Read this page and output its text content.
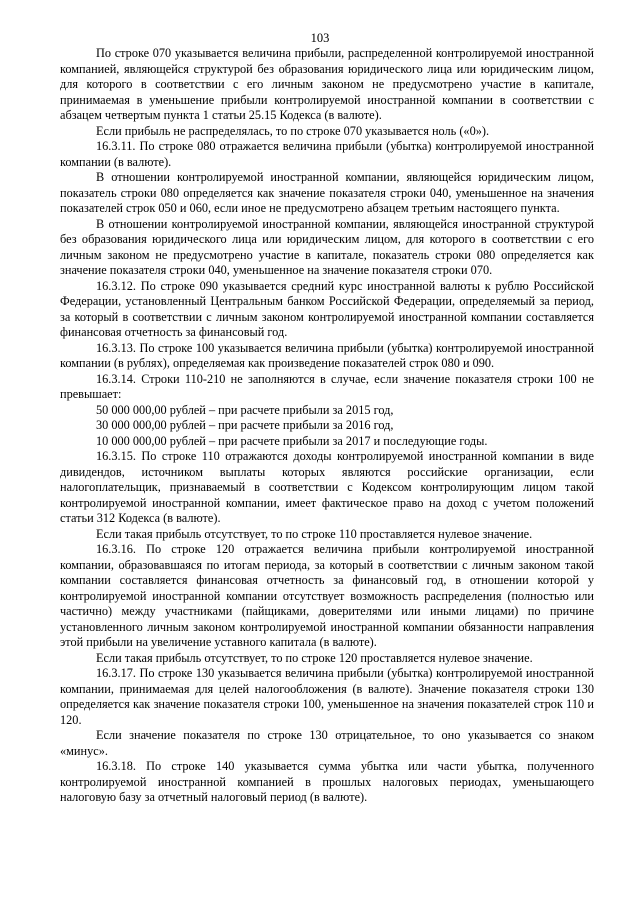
103

По строке 070 указывается величина прибыли, распределенной контролируемой иностранной компанией, являющейся структурой без образования юридического лица или юридическим лицом, для которого в соответствии с его личным законом не предусмотрено участие в капитале, принимаемая в уменьшение прибыли контролируемой иностранной компании в соответствии с абзацем четвертым пункта 1 статьи 25.15 Кодекса (в валюте).

Если прибыль не распределялась, то по строке 070 указывается ноль («0»).

16.3.11. По строке 080 отражается величина прибыли (убытка) контролируемой иностранной компании (в валюте).

В отношении контролируемой иностранной компании, являющейся юридическим лицом, показатель строки 080 определяется как значение показателя строки 040, уменьшенное на значения показателей строк 050 и 060, если иное не предусмотрено абзацем третьим настоящего пункта.

В отношении контролируемой иностранной компании, являющейся иностранной структурой без образования юридического лица или юридическим лицом, для которого в соответствии с его личным законом не предусмотрено участие в капитале, показатель строки 080 определяется как значение показателя строки 040, уменьшенное на значение показателя строки 070.

16.3.12. По строке 090 указывается средний курс иностранной валюты к рублю Российской Федерации, установленный Центральным банком Российской Федерации, определяемый за период, за который в соответствии с личным законом контролируемой иностранной компании составляется финансовая отчетность за финансовый год.

16.3.13. По строке 100 указывается величина прибыли (убытка) контролируемой иностранной компании (в рублях), определяемая как произведение показателей строк 080 и 090.

16.3.14. Строки 110-210 не заполняются в случае, если значение показателя строки 100 не превышает:

50 000 000,00 рублей – при расчете прибыли за 2015 год,

30 000 000,00 рублей – при расчете прибыли за 2016 год,

10 000 000,00 рублей – при расчете прибыли за 2017 и последующие годы.

16.3.15. По строке 110 отражаются доходы контролируемой иностранной компании в виде дивидендов, источником выплаты которых являются российские организации, если налогоплательщик, признаваемый в соответствии с Кодексом контролирующим лицом такой контролируемой иностранной компании, имеет фактическое право на доход с учетом положений статьи 312 Кодекса (в валюте).

Если такая прибыль отсутствует, то по строке 110 проставляется нулевое значение.

16.3.16. По строке 120 отражается величина прибыли контролируемой иностранной компании, образовавшаяся по итогам периода, за который в соответствии с личным законом такой компании составляется финансовая отчетность за финансовый год, в отношении которой у контролируемой иностранной компании отсутствует возможность распределения (полностью или частично) между участниками (пайщиками, доверителями или иными лицами) по причине установленного личным законом контролируемой иностранной компании обязанности направления этой прибыли на увеличение уставного капитала (в валюте).

Если такая прибыль отсутствует, то по строке 120 проставляется нулевое значение.

16.3.17. По строке 130 указывается величина прибыли (убытка) контролируемой иностранной компании, принимаемая для целей налогообложения (в валюте). Значение показателя строки 130 определяется как значение показателя строки 100, уменьшенное на значения показателей строк 110 и 120.

Если значение показателя по строке 130 отрицательное, то оно указывается со знаком «минус».

16.3.18. По строке 140 указывается сумма убытка или части убытка, полученного контролируемой иностранной компанией в прошлых налоговых периодах, уменьшающего налоговую базу за отчетный налоговый период (в валюте).
